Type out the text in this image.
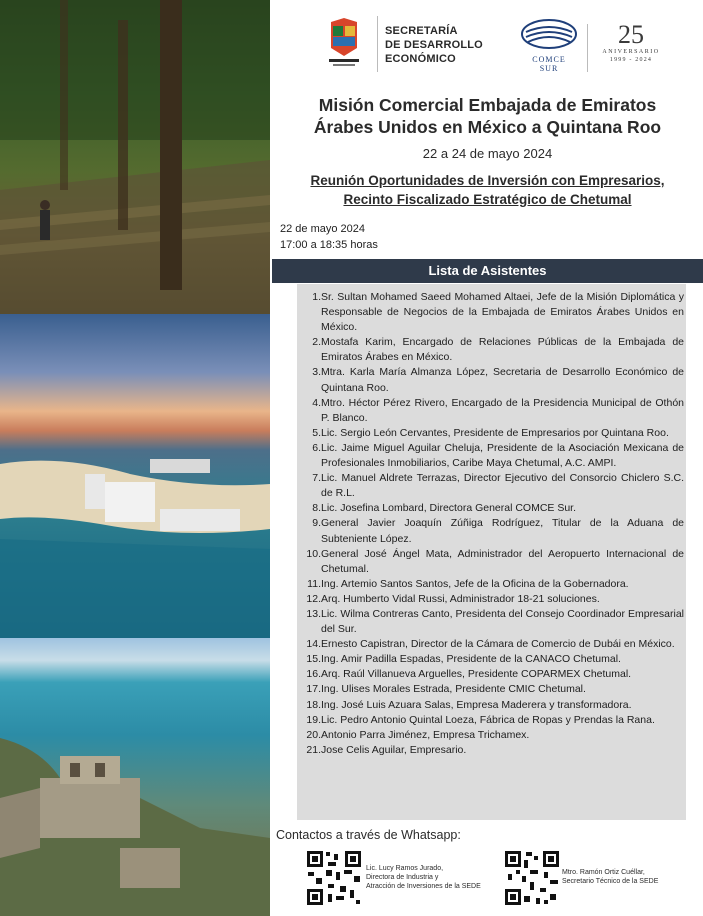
SECRETARÍA
DE DESARROLLO
ECONÓMICO	COMCE
SUR
25
ANIVERSARIO
1999 - 2024
Misión Comercial Embajada de Emiratos
Árabes Unidos en México a Quintana Roo
22 a 24 de mayo 2024
Reunión Oportunidades de Inversión con Empresarios,
Recinto Fiscalizado Estratégico de Chetumal
22 de mayo 2024
17:00 a 18:35 horas
Lista de Asistentes
1. Sr. Sultan Mohamed Saeed Mohamed Altaei, Jefe de la Misión Diplomática y Responsable de Negocios de la Embajada de Emiratos Árabes Unidos en México.
2. Mostafa Karim, Encargado de Relaciones Públicas de la Embajada de Emiratos Árabes en México.
3. Mtra. Karla María Almanza López, Secretaria de Desarrollo Económico de Quintana Roo.
4. Mtro. Héctor Pérez Rivero, Encargado de la Presidencia Municipal de Othón P. Blanco.
5. Lic. Sergio León Cervantes, Presidente de Empresarios por Quintana Roo.
6. Lic. Jaime Miguel Aguilar Cheluja, Presidente de la Asociación Mexicana de Profesionales Inmobiliarios, Caribe Maya Chetumal, A.C. AMPI.
7. Lic. Manuel Aldrete Terrazas, Director Ejecutivo del Consorcio Chiclero S.C. de R.L.
8. Lic. Josefina Lombard, Directora General COMCE Sur.
9. General Javier Joaquín Zúñiga Rodríguez, Titular de la Aduana de Subteniente López.
10. General José Ángel Mata, Administrador del Aeropuerto Internacional de Chetumal.
11. Ing. Artemio Santos Santos, Jefe de la Oficina de la Gobernadora.
12. Arq. Humberto Vidal Russi, Administrador 18-21 soluciones.
13. Lic. Wilma Contreras Canto, Presidenta del Consejo Coordinador Empresarial del Sur.
14. Ernesto Capistran, Director de la Cámara de Comercio de Dubái en México.
15. Ing. Amir Padilla Espadas, Presidente de la CANACO Chetumal.
16. Arq. Raúl Villanueva Arguelles, Presidente COPARMEX Chetumal.
17. Ing. Ulises Morales Estrada, Presidente CMIC Chetumal.
18. Ing. José Luis Azuara Salas, Empresa Maderera y transformadora.
19. Lic. Pedro Antonio Quintal Loeza, Fábrica de Ropas y Prendas la Rana.
20. Antonio Parra Jiménez, Empresa Trichamex.
21. Jose Celis Aguilar, Empresario.
Contactos a través de Whatsapp:
Lic. Lucy Ramos Jurado,
Directora de Industria y
Atracción de Inversiones de la SEDE
Mtro. Ramón Ortiz Cuéllar,
Secretario Técnico de la SEDE
